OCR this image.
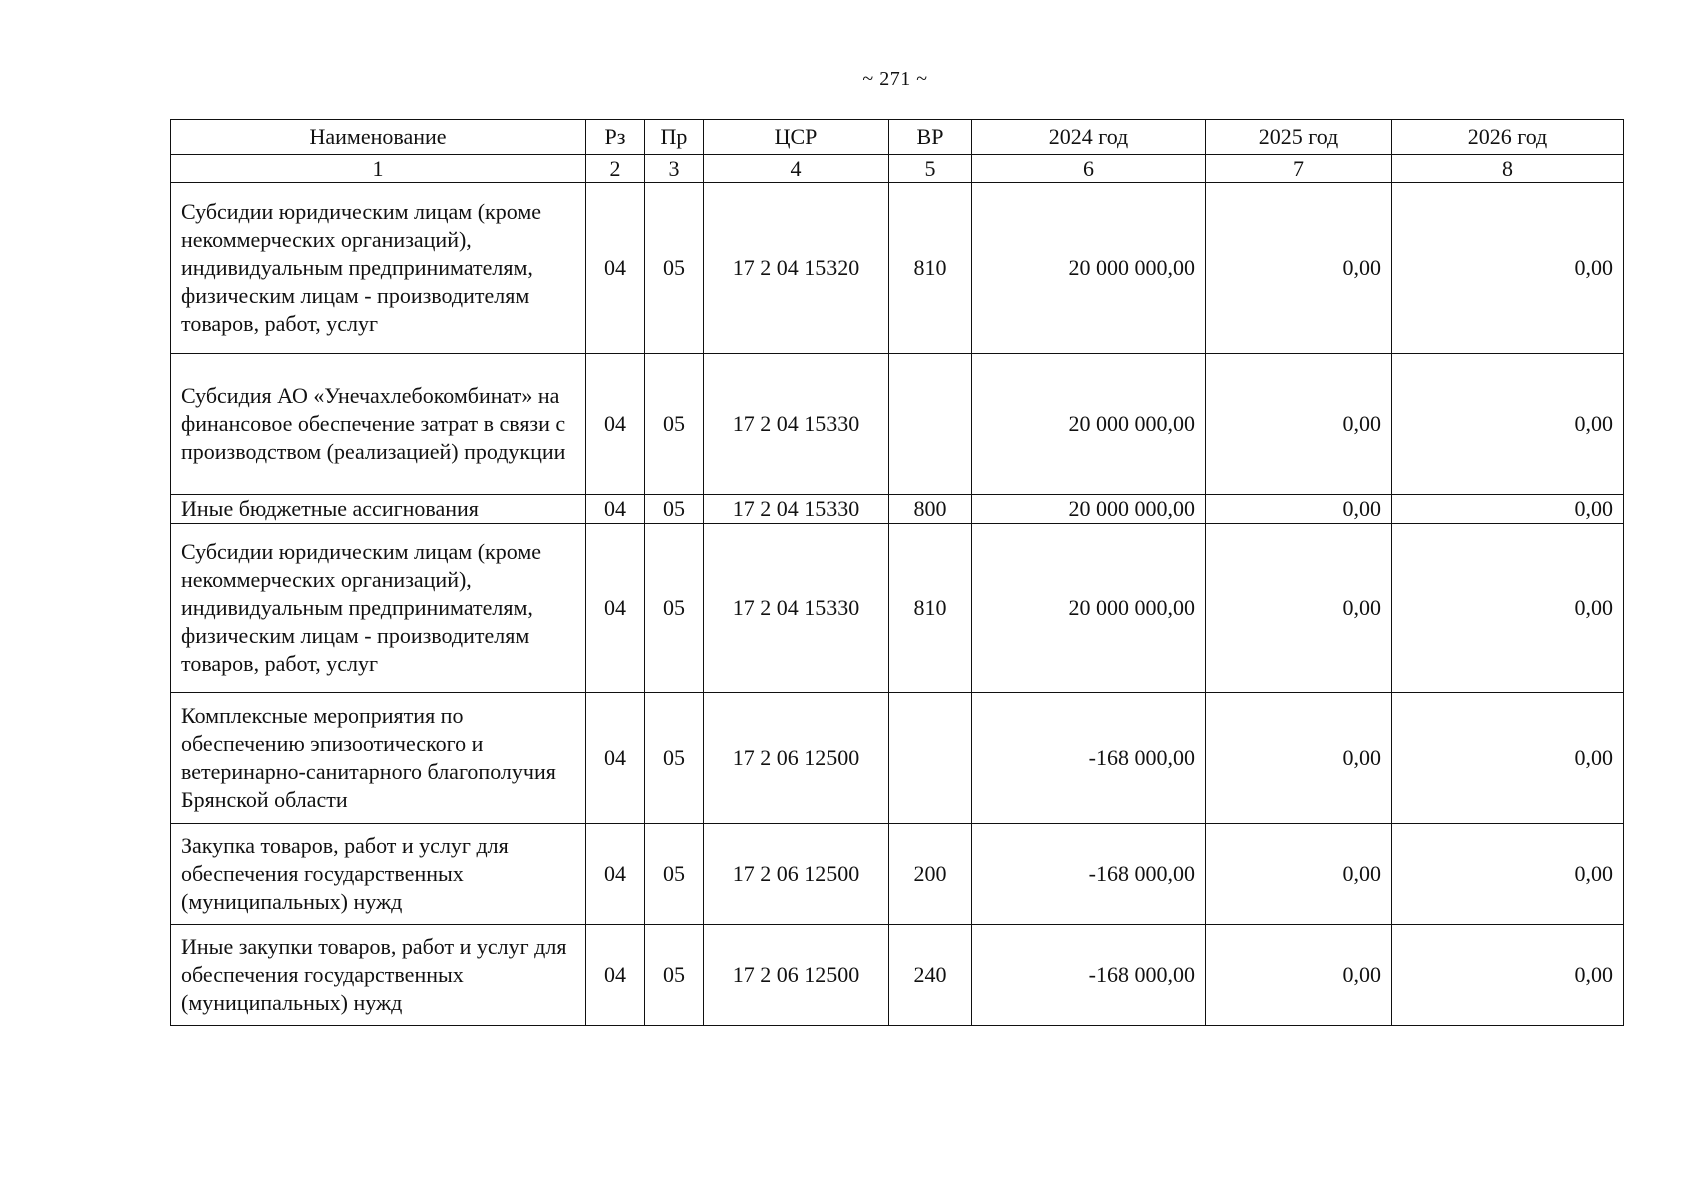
~ 271 ~
Наименование	Рз	Пр	ЦСР	ВР	2024 год	2025 год	2026 год
1	2	3	4	5	6	7	8
Субсидии юридическим лицам (кроме некоммерческих организаций), индивидуальным предпринимателям, физическим лицам - производителям товаров, работ, услуг	04	05	17 2 04 15320	810	20 000 000,00	0,00	0,00
Субсидия АО «Унечахлебокомбинат» на финансовое обеспечение затрат в связи с производством (реализацией) продукции	04	05	17 2 04 15330		20 000 000,00	0,00	0,00
Иные бюджетные ассигнования	04	05	17 2 04 15330	800	20 000 000,00	0,00	0,00
Субсидии юридическим лицам (кроме некоммерческих организаций), индивидуальным предпринимателям, физическим лицам - производителям товаров, работ, услуг	04	05	17 2 04 15330	810	20 000 000,00	0,00	0,00
Комплексные мероприятия по обеспечению эпизоотического и ветеринарно-санитарного благополучия Брянской области	04	05	17 2 06 12500		-168 000,00	0,00	0,00
Закупка товаров, работ и услуг для обеспечения государственных (муниципальных) нужд	04	05	17 2 06 12500	200	-168 000,00	0,00	0,00
Иные закупки товаров, работ и услуг для обеспечения государственных (муниципальных) нужд	04	05	17 2 06 12500	240	-168 000,00	0,00	0,00
